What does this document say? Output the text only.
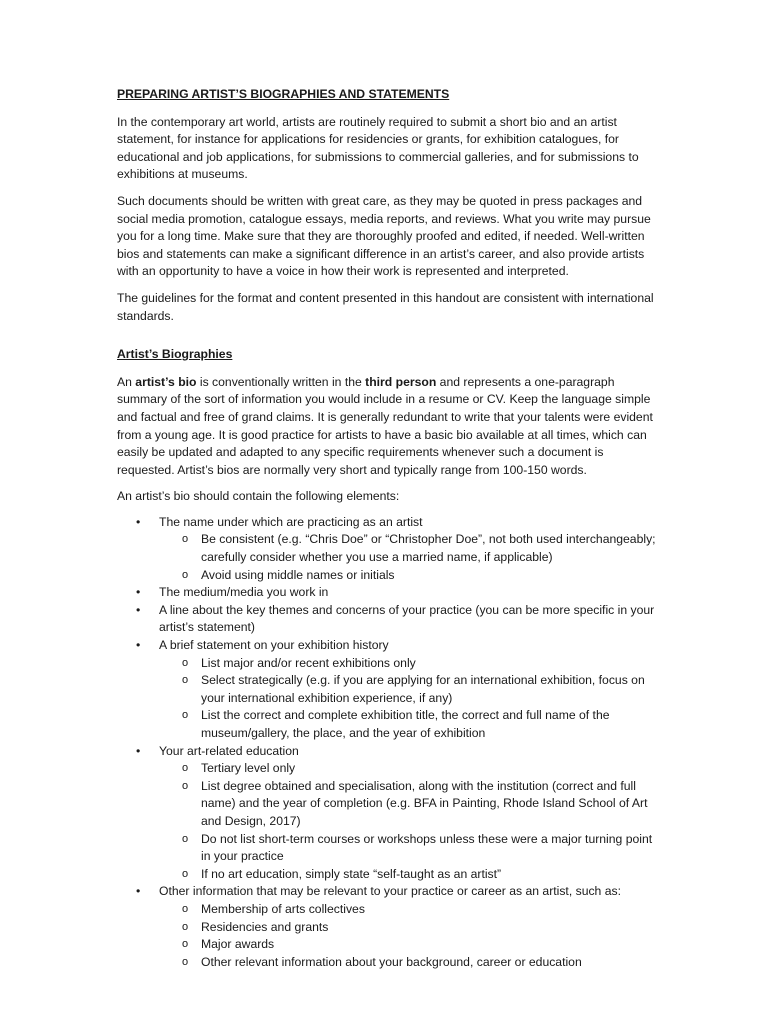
PREPARING ARTIST’S BIOGRAPHIES AND STATEMENTS

In the contemporary art world, artists are routinely required to submit a short bio and an artist statement, for instance for applications for residencies or grants, for exhibition catalogues, for educational and job applications, for submissions to commercial galleries, and for submissions to exhibitions at museums.

Such documents should be written with great care, as they may be quoted in press packages and social media promotion, catalogue essays, media reports, and reviews. What you write may pursue you for a long time. Make sure that they are thoroughly proofed and edited, if needed. Well-written bios and statements can make a significant difference in an artist’s career, and also provide artists with an opportunity to have a voice in how their work is represented and interpreted.

The guidelines for the format and content presented in this handout are consistent with international standards.

Artist’s Biographies

An artist’s bio is conventionally written in the third person and represents a one-paragraph summary of the sort of information you would include in a resume or CV. Keep the language simple and factual and free of grand claims. It is generally redundant to write that your talents were evident from a young age. It is good practice for artists to have a basic bio available at all times, which can easily be updated and adapted to any specific requirements whenever such a document is requested. Artist’s bios are normally very short and typically range from 100-150 words.

An artist’s bio should contain the following elements:

• The name under which are practicing as an artist
o Be consistent (e.g. “Chris Doe” or “Christopher Doe”, not both used interchangeably; carefully consider whether you use a married name, if applicable)
o Avoid using middle names or initials
• The medium/media you work in
• A line about the key themes and concerns of your practice (you can be more specific in your artist’s statement)
• A brief statement on your exhibition history
o List major and/or recent exhibitions only
o Select strategically (e.g. if you are applying for an international exhibition, focus on your international exhibition experience, if any)
o List the correct and complete exhibition title, the correct and full name of the museum/gallery, the place, and the year of exhibition
• Your art-related education
o Tertiary level only
o List degree obtained and specialisation, along with the institution (correct and full name) and the year of completion (e.g. BFA in Painting, Rhode Island School of Art and Design, 2017)
o Do not list short-term courses or workshops unless these were a major turning point in your practice
o If no art education, simply state “self-taught as an artist”
• Other information that may be relevant to your practice or career as an artist, such as:
o Membership of arts collectives
o Residencies and grants
o Major awards
o Other relevant information about your background, career or education
